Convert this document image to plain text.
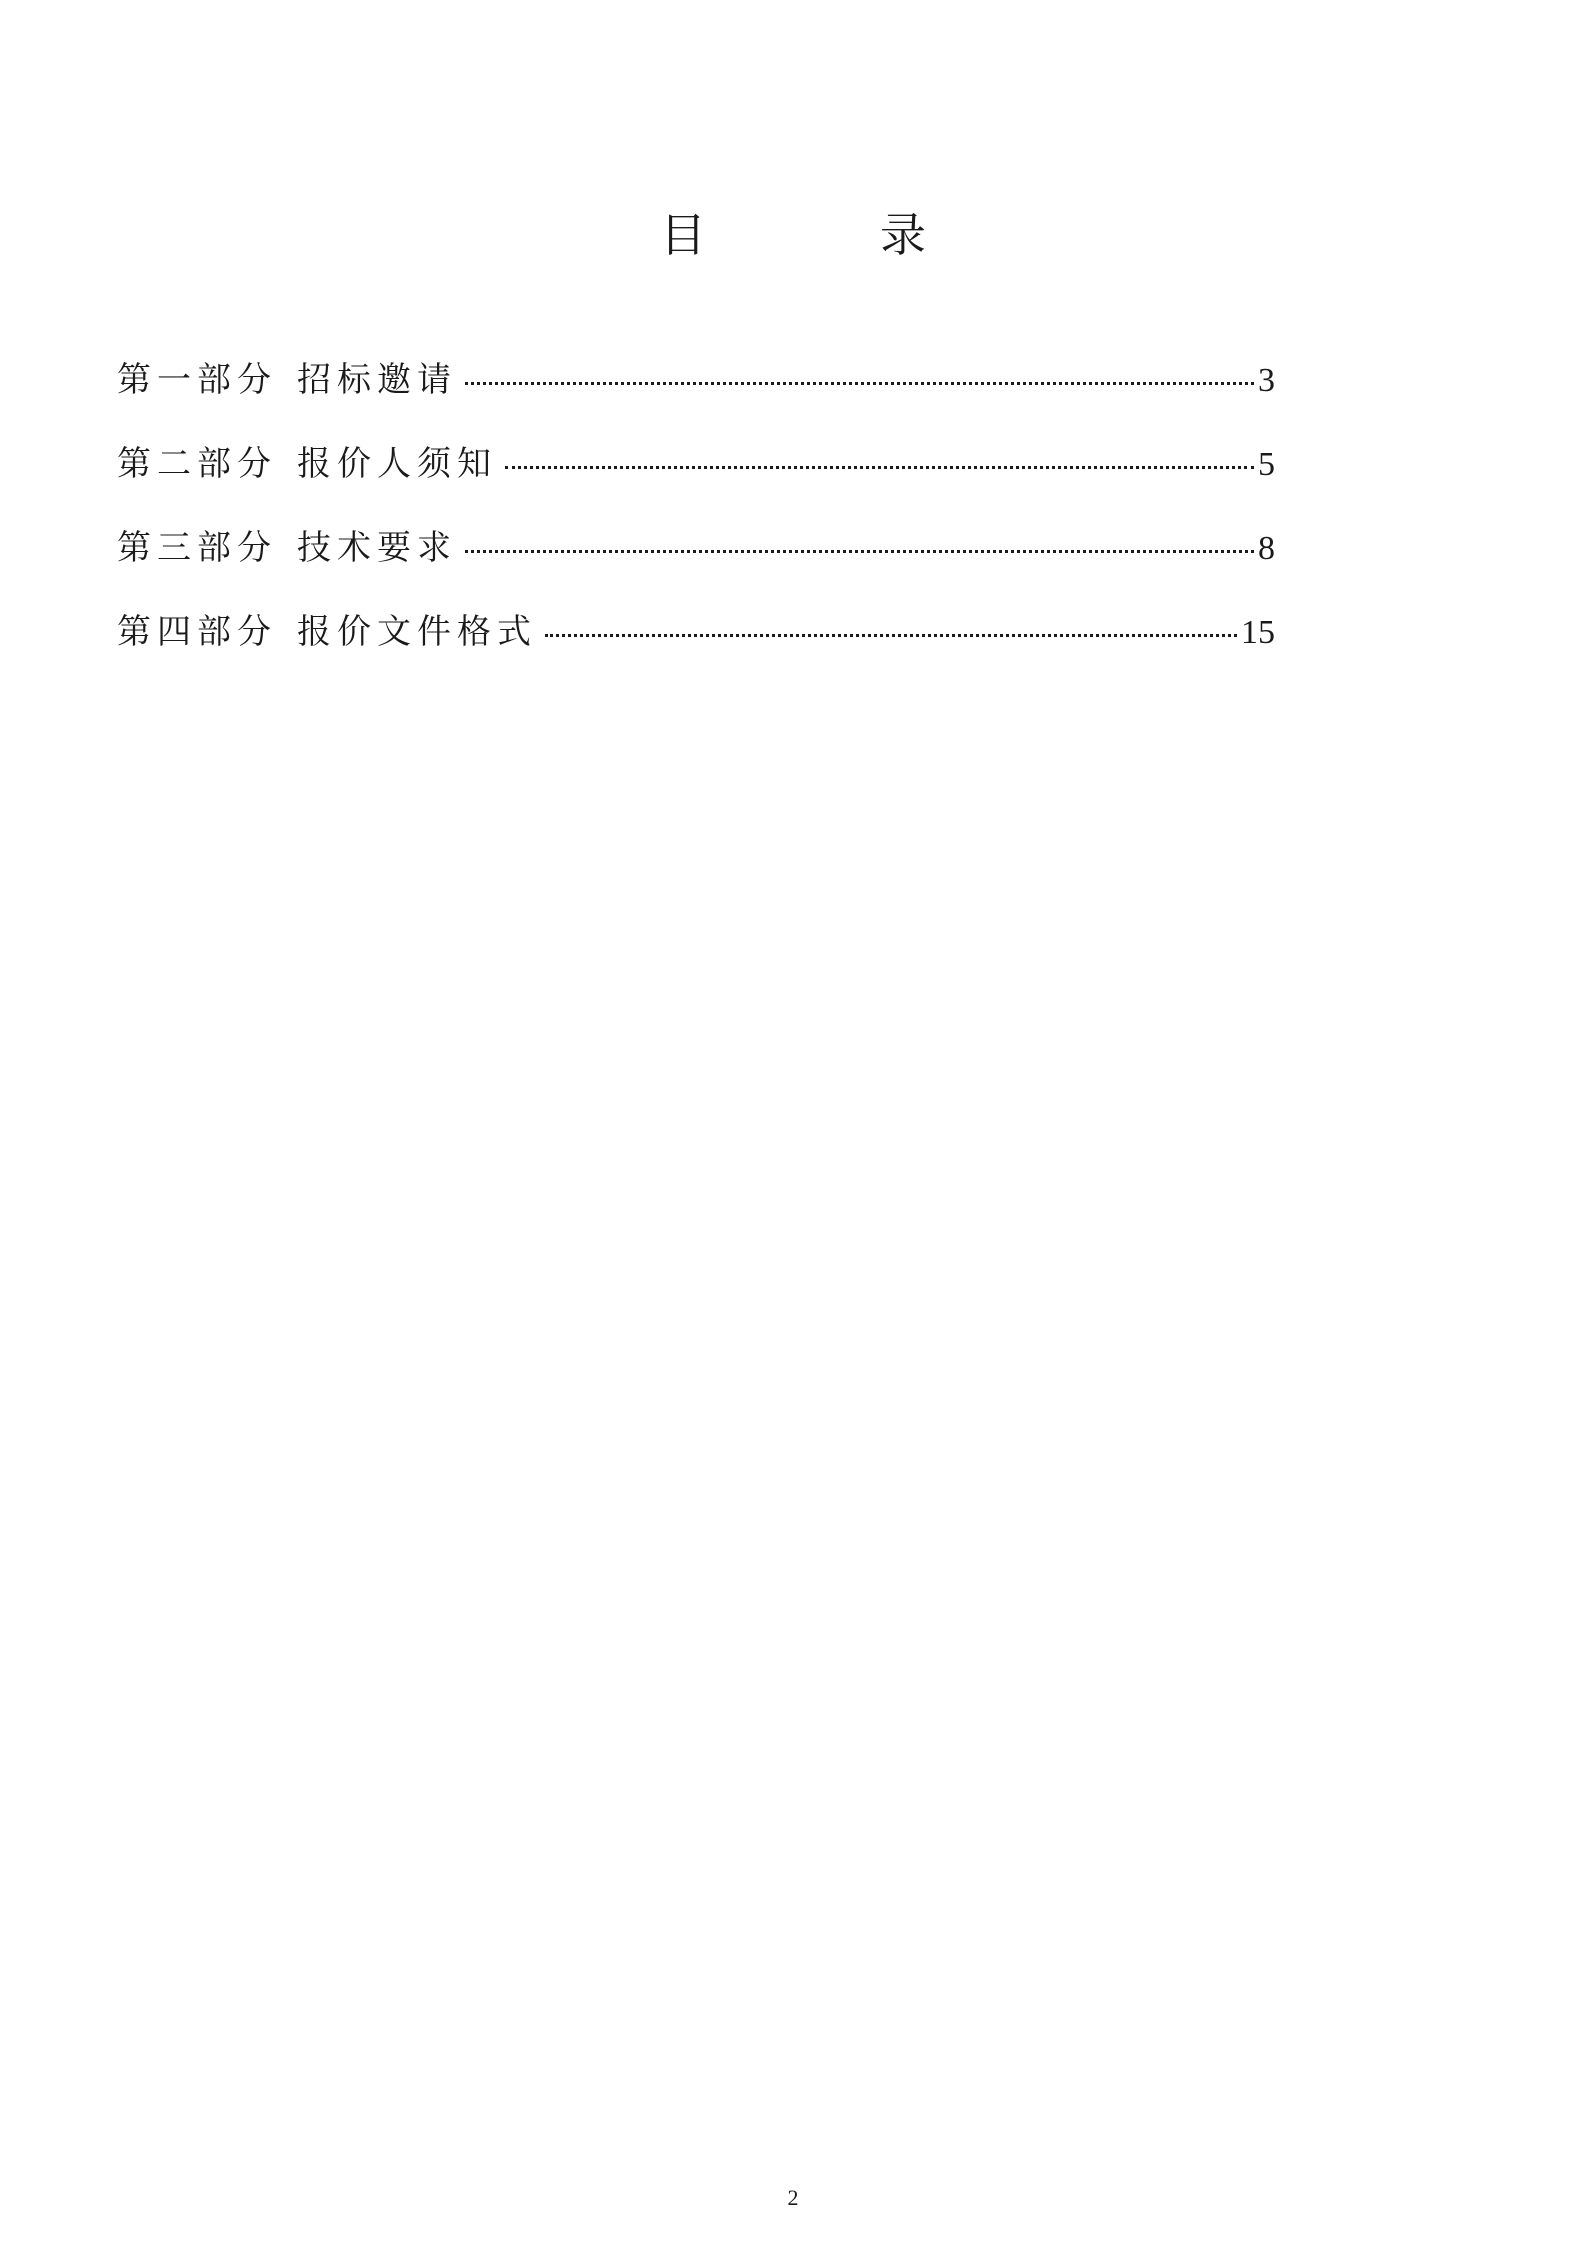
目　录
第一部分 招标邀请	3
第二部分 报价人须知	5
第三部分 技术要求	8
第四部分 报价文件格式	15
2
